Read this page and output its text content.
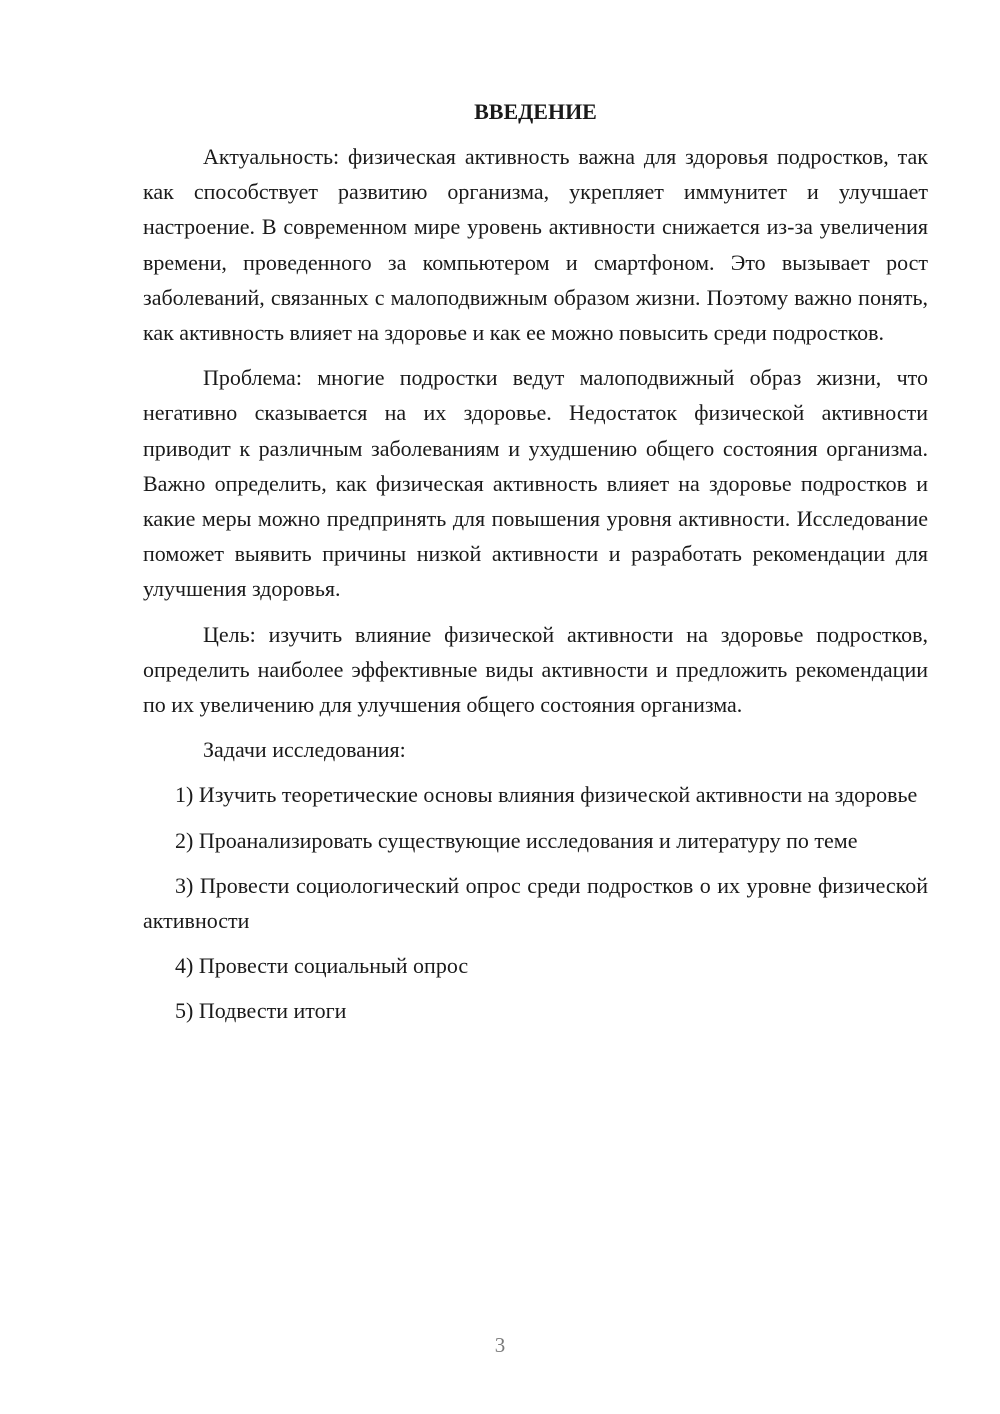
ВВЕДЕНИЕ

Актуальность: физическая активность важна для здоровья подростков, так как способствует развитию организма, укрепляет иммунитет и улучшает настроение. В современном мире уровень активности снижается из-за увеличения времени, проведенного за компьютером и смартфоном. Это вызывает рост заболеваний, связанных с малоподвижным образом жизни. Поэтому важно понять, как активность влияет на здоровье и как ее можно повысить среди подростков.

Проблема: многие подростки ведут малоподвижный образ жизни, что негативно сказывается на их здоровье. Недостаток физической активности приводит к различным заболеваниям и ухудшению общего состояния организма. Важно определить, как физическая активность влияет на здоровье подростков и какие меры можно предпринять для повышения уровня активности. Исследование поможет выявить причины низкой активности и разработать рекомендации для улучшения здоровья.

Цель: изучить влияние физической активности на здоровье подростков, определить наиболее эффективные виды активности и предложить рекомендации по их увеличению для улучшения общего состояния организма.

Задачи исследования:

1) Изучить теоретические основы влияния физической активности на здоровье

2) Проанализировать существующие исследования и литературу по теме

3) Провести социологический опрос среди подростков о их уровне физической активности

4) Провести социальный опрос

5) Подвести итоги

3
